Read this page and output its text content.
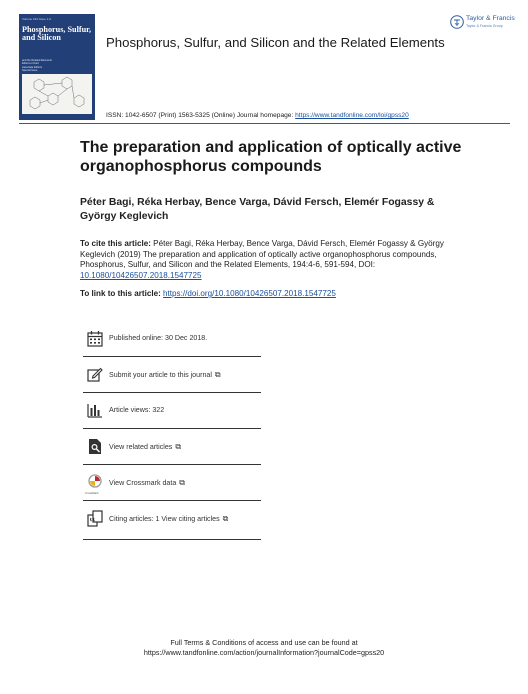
Volume 194 Issue 1-6
Phosphorus, Sulfur, and Silicon
and the Related Elements
Editor-in-Chief
Associate Editors
Special Issue
Phosphorus, Sulfur, and Silicon and the Related Elements
Taylor & Francis
Taylor & Francis Group
ISSN: 1042-6507 (Print) 1563-5325 (Online) Journal homepage: https://www.tandfonline.com/loi/gpss20
The preparation and application of optically active organophosphorus compounds
Péter Bagi, Réka Herbay, Bence Varga, Dávid Fersch, Elemér Fogassy & György Keglevich
To cite this article: Péter Bagi, Réka Herbay, Bence Varga, Dávid Fersch, Elemér Fogassy & György Keglevich (2019) The preparation and application of optically active organophosphorus compounds, Phosphorus, Sulfur, and Silicon and the Related Elements, 194:4-6, 591-594, DOI: 10.1080/10426507.2018.1547725
To link to this article: https://doi.org/10.1080/10426507.2018.1547725
Published online: 30 Dec 2018.
Submit your article to this journal ⧉
Article views: 322
View related articles ⧉
CrossMark
View Crossmark data ⧉
Citing articles: 1 View citing articles ⧉
Full Terms & Conditions of access and use can be found at
https://www.tandfonline.com/action/journalInformation?journalCode=gpss20
